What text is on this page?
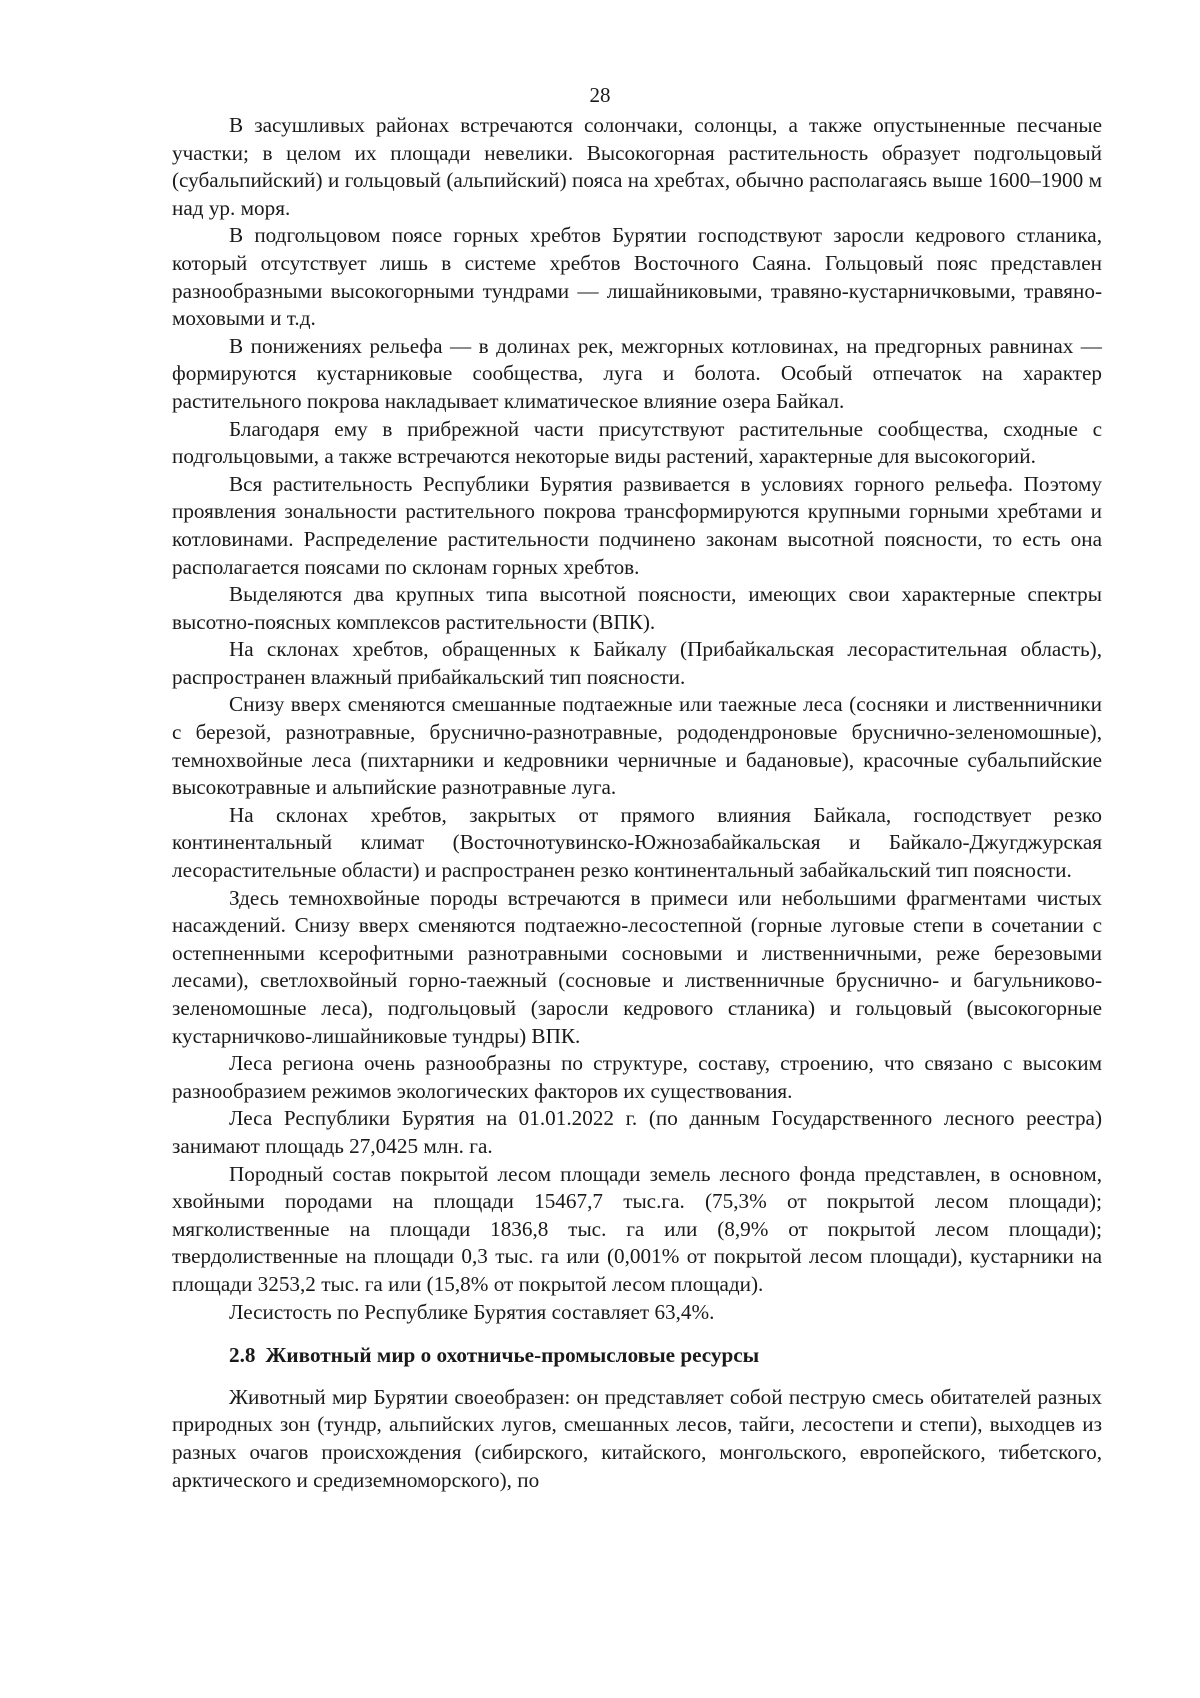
28

В засушливых районах встречаются солончаки, солонцы, а также опустыненные песчаные участки; в целом их площади невелики. Высокогорная растительность образует подгольцовый (субальпийский) и гольцовый (альпийский) пояса на хребтах, обычно располагаясь выше 1600–1900 м над ур. моря.

В подгольцовом поясе горных хребтов Бурятии господствуют заросли кедрового стланика, который отсутствует лишь в системе хребтов Восточного Саяна. Гольцовый пояс представлен разнообразными высокогорными тундрами — лишайниковыми, травяно-кустарничковыми, травяно-моховыми и т.д.

В понижениях рельефа — в долинах рек, межгорных котловинах, на предгорных равнинах — формируются кустарниковые сообщества, луга и болота. Особый отпечаток на характер растительного покрова накладывает климатическое влияние озера Байкал.

Благодаря ему в прибрежной части присутствуют растительные сообщества, сходные с подгольцовыми, а также встречаются некоторые виды растений, характерные для высокогорий.

Вся растительность Республики Бурятия развивается в условиях горного рельефа. Поэтому проявления зональности растительного покрова трансформируются крупными горными хребтами и котловинами. Распределение растительности подчинено законам высотной поясности, то есть она располагается поясами по склонам горных хребтов.

Выделяются два крупных типа высотной поясности, имеющих свои характерные спектры высотно-поясных комплексов растительности (ВПК).

На склонах хребтов, обращенных к Байкалу (Прибайкальская лесорастительная область), распространен влажный прибайкальский тип поясности.

Снизу вверх сменяются смешанные подтаежные или таежные леса (сосняки и лиственничники с березой, разнотравные, бруснично-разнотравные, рододендроновые бруснично-зеленомошные), темнохвойные леса (пихтарники и кедровники черничные и бадановые), красочные субальпийские высокотравные и альпийские разнотравные луга.

На склонах хребтов, закрытых от прямого влияния Байкала, господствует резко континентальный климат (Восточнотувинско-Южнозабайкальская и Байкало-Джугджурская лесорастительные области) и распространен резко континентальный забайкальский тип поясности.

Здесь темнохвойные породы встречаются в примеси или небольшими фрагментами чистых насаждений. Снизу вверх сменяются подтаежно-лесостепной (горные луговые степи в сочетании с остепненными ксерофитными разнотравными сосновыми и лиственничными, реже березовыми лесами), светлохвойный горно-таежный (сосновые и лиственничные бруснично- и багульниково-зеленомошные леса), подгольцовый (заросли кедрового стланика) и гольцовый (высокогорные кустарничково-лишайниковые тундры) ВПК.

Леса региона очень разнообразны по структуре, составу, строению, что связано с высоким разнообразием режимов экологических факторов их существования.

Леса Республики Бурятия на 01.01.2022 г. (по данным Государственного лесного реестра) занимают площадь 27,0425 млн. га.

Породный состав покрытой лесом площади земель лесного фонда представлен, в основном, хвойными породами на площади 15467,7 тыс.га. (75,3% от покрытой лесом площади); мягколиственные на площади 1836,8 тыс. га или (8,9% от покрытой лесом площади); твердолиственные на площади 0,3 тыс. га или (0,001% от покрытой лесом площади), кустарники на площади 3253,2 тыс. га или (15,8% от покрытой лесом площади).

Лесистость по Республике Бурятия составляет 63,4%.

2.8 Животный мир о охотничье-промысловые ресурсы

Животный мир Бурятии своеобразен: он представляет собой пеструю смесь обитателей разных природных зон (тундр, альпийских лугов, смешанных лесов, тайги, лесостепи и степи), выходцев из разных очагов происхождения (сибирского, китайского, монгольского, европейского, тибетского, арктического и средиземноморского), по
